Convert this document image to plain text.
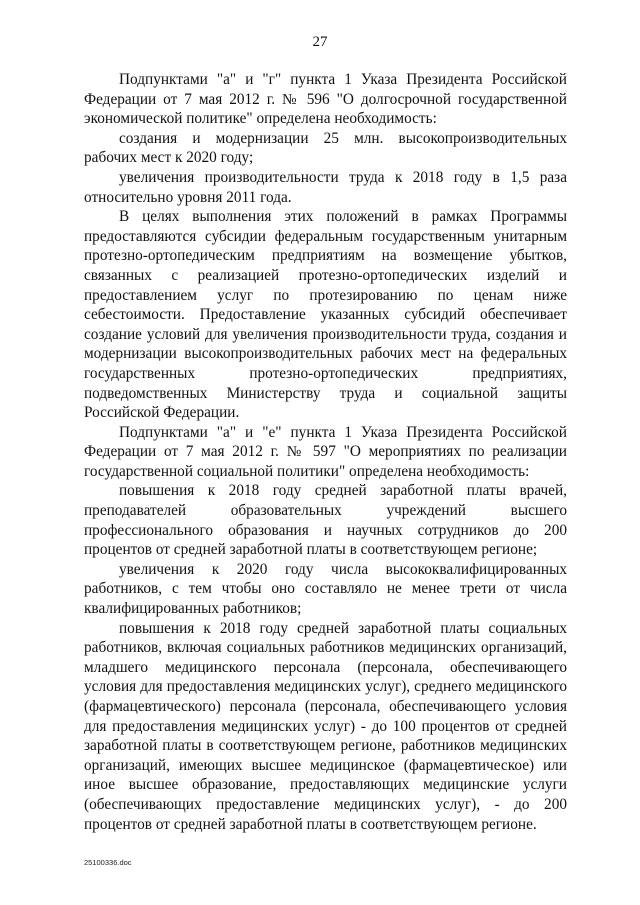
27

Подпунктами "а" и "г" пункта 1 Указа Президента Российской Федерации от 7 мая 2012 г. № 596 "О долгосрочной государственной экономической политике" определена необходимость:

создания и модернизации 25 млн. высокопроизводительных рабочих мест к 2020 году;

увеличения производительности труда к 2018 году в 1,5 раза относительно уровня 2011 года.

В целях выполнения этих положений в рамках Программы предоставляются субсидии федеральным государственным унитарным протезно-ортопедическим предприятиям на возмещение убытков, связанных с реализацией протезно-ортопедических изделий и предоставлением услуг по протезированию по ценам ниже себестоимости. Предоставление указанных субсидий обеспечивает создание условий для увеличения производительности труда, создания и модернизации высокопроизводительных рабочих мест на федеральных государственных протезно-ортопедических предприятиях, подведомственных Министерству труда и социальной защиты Российской Федерации.

Подпунктами "а" и "е" пункта 1 Указа Президента Российской Федерации от 7 мая 2012 г. № 597 "О мероприятиях по реализации государственной социальной политики" определена необходимость:

повышения к 2018 году средней заработной платы врачей, преподавателей образовательных учреждений высшего профессионального образования и научных сотрудников до 200 процентов от средней заработной платы в соответствующем регионе;

увеличения к 2020 году числа высококвалифицированных работников, с тем чтобы оно составляло не менее трети от числа квалифицированных работников;

повышения к 2018 году средней заработной платы социальных работников, включая социальных работников медицинских организаций, младшего медицинского персонала (персонала, обеспечивающего условия для предоставления медицинских услуг), среднего медицинского (фармацевтического) персонала (персонала, обеспечивающего условия для предоставления медицинских услуг) - до 100 процентов от средней заработной платы в соответствующем регионе, работников медицинских организаций, имеющих высшее медицинское (фармацевтическое) или иное высшее образование, предоставляющих медицинские услуги (обеспечивающих предоставление медицинских услуг), - до 200 процентов от средней заработной платы в соответствующем регионе.

25100336.doc
